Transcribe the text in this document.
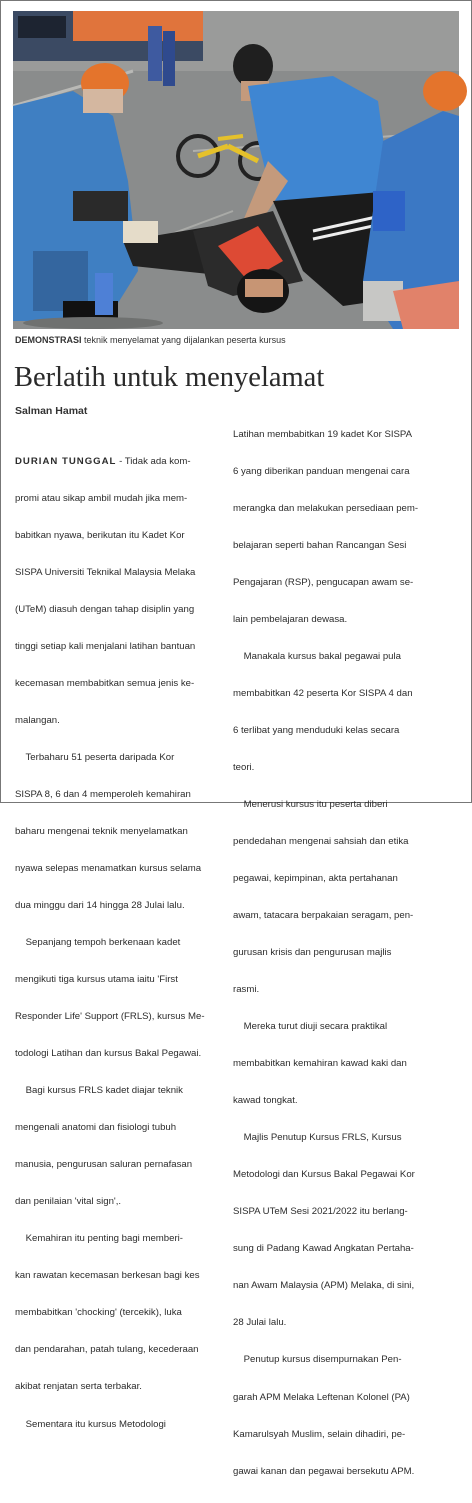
DEMONSTRASI teknik menyelamat yang dijalankan peserta kursus
Berlatih untuk menyelamat
Salman Hamat

DURIAN TUNGGAL - Tidak ada kom-

promi atau sikap ambil mudah jika mem-

babitkan nyawa, berikutan itu Kadet Kor

SISPA Universiti Teknikal Malaysia Melaka

(UTeM) diasuh dengan tahap disiplin yang

tinggi setiap kali menjalani latihan bantuan

kecemasan membabitkan semua jenis ke-

malangan.

Terbaharu 51 peserta daripada Kor

SISPA 8, 6 dan 4 memperoleh kemahiran

baharu mengenai teknik menyelamatkan

nyawa selepas menamatkan kursus selama

dua minggu dari 14 hingga 28 Julai lalu.

Sepanjang tempoh berkenaan kadet

mengikuti tiga kursus utama iaitu 'First

Responder Life' Support (FRLS), kursus Me-

todologi Latihan dan kursus Bakal Pegawai.

Bagi kursus FRLS kadet diajar teknik

mengenali anatomi dan fisiologi tubuh

manusia, pengurusan saluran pernafasan

dan penilaian 'vital sign',.

Kemahiran itu penting bagi memberi-

kan rawatan kecemasan berkesan bagi kes

membabitkan 'chocking' (tercekik), luka

dan pendarahan, patah tulang, kecederaan

akibat renjatan serta terbakar.

Sementara itu kursus Metodologi

Latihan membabitkan 19 kadet Kor SISPA

6 yang diberikan panduan mengenai cara

merangka dan melakukan persediaan pem-

belajaran seperti bahan Rancangan Sesi

Pengajaran (RSP), pengucapan awam se-

lain pembelajaran dewasa.

Manakala kursus bakal pegawai pula

membabitkan 42 peserta Kor SISPA 4 dan

6 terlibat yang menduduki kelas secara

teori.

Menerusi kursus itu peserta diberi

pendedahan mengenai sahsiah dan etika

pegawai, kepimpinan, akta pertahanan

awam, tatacara berpakaian seragam, pen-

gurusan krisis dan pengurusan majlis

rasmi.

Mereka turut diuji secara praktikal

membabitkan kemahiran kawad kaki dan

kawad tongkat.

Majlis Penutup Kursus FRLS, Kursus

Metodologi dan Kursus Bakal Pegawai Kor

SISPA UTeM Sesi 2021/2022 itu berlang-

sung di Padang Kawad Angkatan Pertaha-

nan Awam Malaysia (APM) Melaka, di sini,

28 Julai lalu.

Penutup kursus disempurnakan Pen-

garah APM Melaka Leftenan Kolonel (PA)

Kamarulsyah Muslim, selain dihadiri, pe-

gawai kanan dan pegawai bersekutu APM.
